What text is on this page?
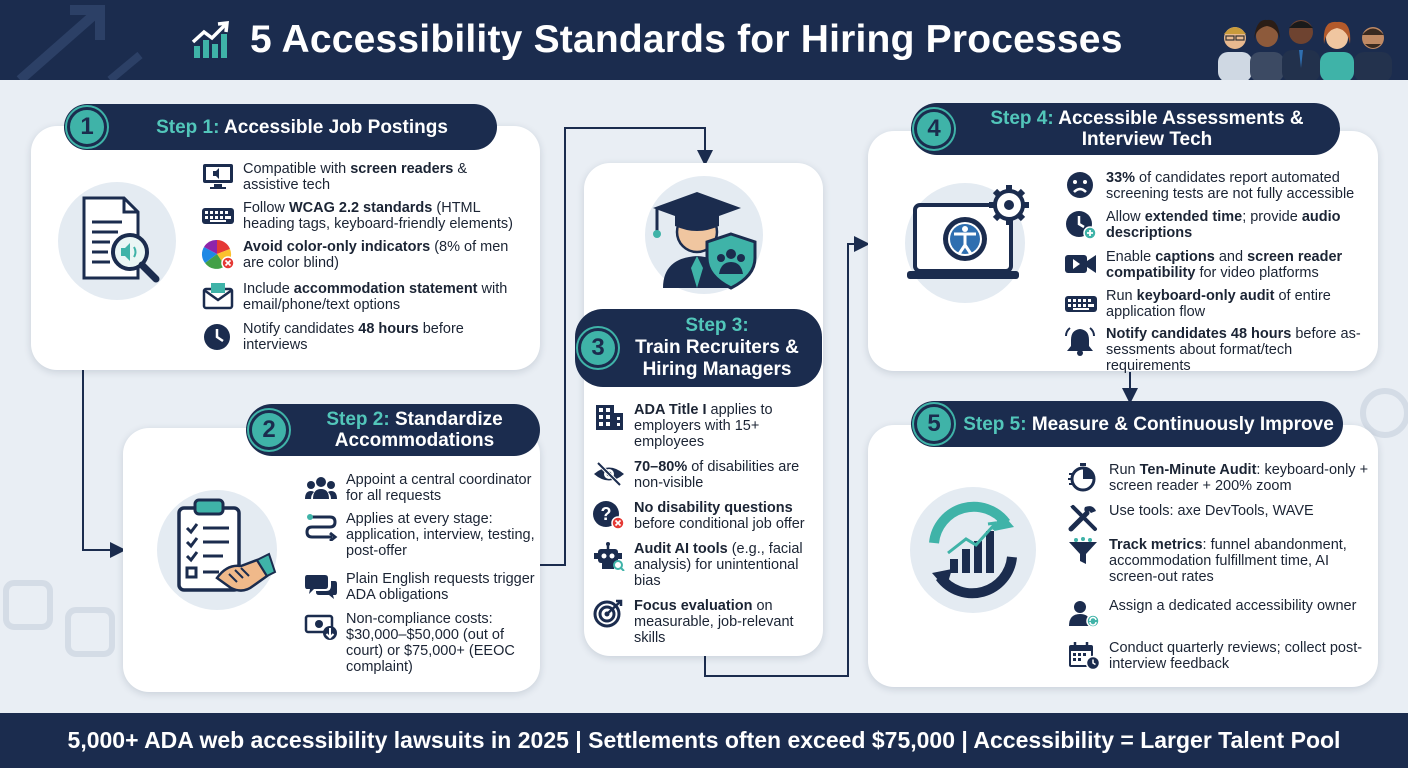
5 Accessibility Standards for Hiring Processes
1	Step 1: Accessible Job Postings
Compatible with screen readers & assistive tech
Follow WCAG 2.2 standards (HTML heading tags, keyboard-friendly elements)
Avoid color-only indicators (8% of men are color blind)
Include accommodation statement with email/phone/text options
Notify candidates 48 hours before interviews
2	Step 2: Standardize Accommodations
Appoint a central coordinator for all requests
Applies at every stage: application, interview, testing, post-offer
Plain English requests trigger ADA obligations
Non-compliance costs: $30,000–$50,000 (out of court) or $75,000+ (EEOC complaint)
3
Step 3:
Train Recruiters & Hiring Managers
ADA Title I applies to employers with 15+ employees
70–80% of disabilities are non-visible
? No disability questions before conditional job offer
Audit AI tools (e.g., facial analysis) for unintentional bias
Focus evaluation on measurable, job-relevant skills
4	Step 4: Accessible Assessments & Interview Tech
33% of candidates report automated screening tests are not fully accessible
Allow extended time; provide audio descriptions
Enable captions and screen reader compatibility for video platforms
Run keyboard-only audit of entire application flow
Notify candidates 48 hours before as-sessments about format/tech requirements
5	Step 5: Measure & Continuously Improve
Run Ten-Minute Audit: keyboard-only + screen reader + 200% zoom
Use tools: axe DevTools, WAVE
Track metrics: funnel abandonment, accommodation fulfillment time, AI screen-out rates
Assign a dedicated accessibility owner
Conduct quarterly reviews; collect post-interview feedback
5,000+ ADA web accessibility lawsuits in 2025 | Settlements often exceed $75,000 | Accessibility = Larger Talent Pool
